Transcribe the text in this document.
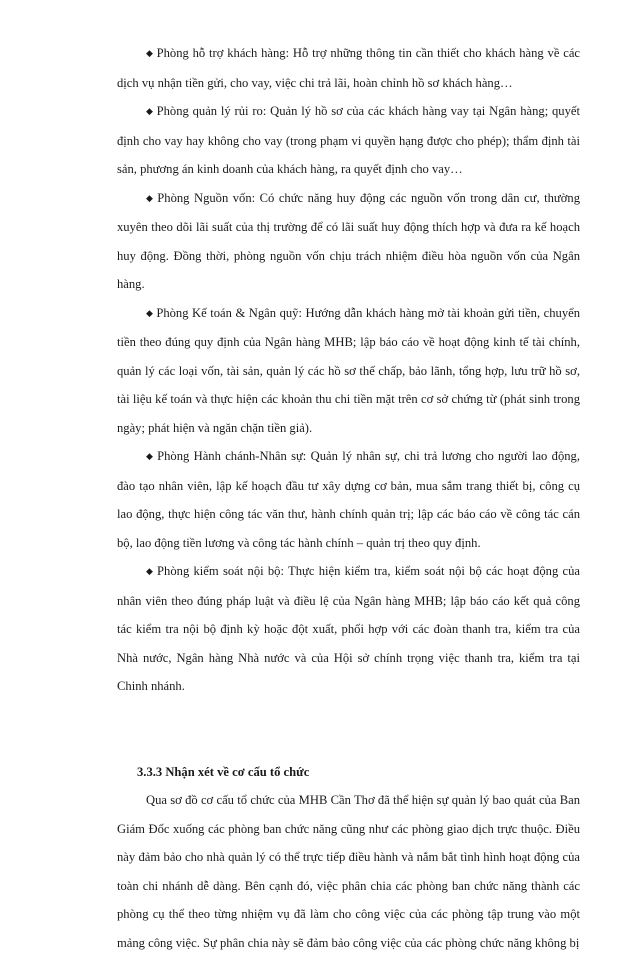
◆ Phòng hỗ trợ khách hàng: Hỗ trợ những thông tin cần thiết cho khách hàng về các dịch vụ nhận tiền gửi, cho vay, việc chi trả lãi, hoàn chỉnh hồ sơ khách hàng…

◆ Phòng quản lý rủi ro: Quản lý hồ sơ của các khách hàng vay tại Ngân hàng; quyết định cho vay hay không cho vay (trong phạm vi quyền hạng được cho phép); thẩm định tài sản, phương án kinh doanh của khách hàng, ra quyết định cho vay…

◆ Phòng Nguồn vốn: Có chức năng huy động các nguồn vốn trong dân cư, thường xuyên theo dõi lãi suất của thị trường để có lãi suất huy động thích hợp và đưa ra kế hoạch huy động. Đồng thời, phòng nguồn vốn chịu trách nhiệm điều hòa nguồn vốn của Ngân hàng.

◆ Phòng Kế toán & Ngân quỹ: Hướng dẫn khách hàng mở tài khoản gửi tiền, chuyển tiền theo đúng quy định của Ngân hàng MHB; lập báo cáo về hoạt động kinh tế tài chính, quản lý các loại vốn, tài sản, quản lý các hồ sơ thế chấp, bảo lãnh, tổng hợp, lưu trữ hồ sơ, tài liệu kế toán và thực hiện các khoản thu chi tiền mặt trên cơ sở chứng từ (phát sinh trong ngày; phát hiện và ngăn chặn tiền giả).

◆ Phòng Hành chánh-Nhân sự: Quản lý nhân sự, chi trả lương cho người lao động, đào tạo nhân viên, lập kế hoạch đầu tư xây dựng cơ bản, mua sắm trang thiết bị, công cụ lao động, thực hiện công tác văn thư, hành chính quản trị; lập các báo cáo về công tác cán bộ, lao động tiền lương và công tác hành chính – quản trị theo quy định.

◆ Phòng kiểm soát nội bộ: Thực hiện kiểm tra, kiểm soát nội bộ các hoạt động của nhân viên theo đúng pháp luật và điều lệ của Ngân hàng MHB; lập báo cáo kết quả công tác kiểm tra nội bộ định kỳ hoặc đột xuất, phối hợp với các đoàn thanh tra, kiểm tra của Nhà nước, Ngân hàng Nhà nước và của Hội sở chính trọng việc thanh tra, kiểm tra tại Chinh nhánh.

3.3.3 Nhận xét về cơ cấu tổ chức

Qua sơ đồ cơ cấu tổ chức của MHB Cần Thơ đã thể hiện sự quản lý bao quát của Ban Giám Đốc xuống các phòng ban chức năng cũng như các phòng giao dịch trực thuộc. Điều này đảm bảo cho nhà quản lý có thể trực tiếp điều hành và nắm bắt tình hình hoạt động của toàn chi nhánh dễ dàng. Bên cạnh đó, việc phân chia các phòng ban chức năng thành các phòng cụ thể theo từng nhiệm vụ đã làm cho công việc của các phòng tập trung vào một mảng công việc. Sự phân chia này sẽ đảm bảo công việc của các phòng chức năng không bị
